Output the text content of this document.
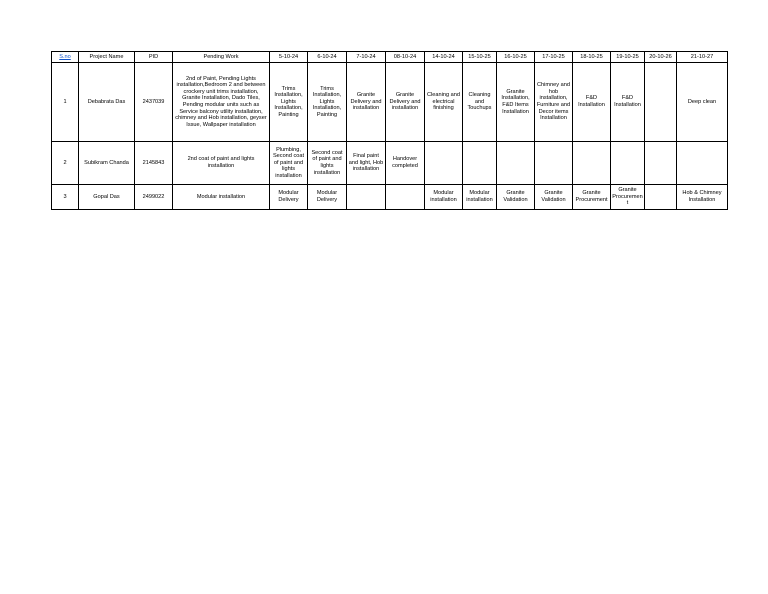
S.no	Project Name	PID	Pending Work	5-10-24	6-10-24	7-10-24	08-10-24	14-10-24	15-10-25	16-10-25	17-10-25	18-10-25	19-10-25	20-10-26	21-10-27
1	Debabrata Das	2437039	2nd of Paint, Pending Lights installation,Bedroom 2 and between crockery unit trims installation, Granite Installation, Dado Tiles, Pending modular units such as Service balcony utility installation, chimney and Hob installation, geyser Issue, Wallpaper installation	Trims Installation, Lights Installation, Painting	Trims Installation, Lights Installation, Painting	Granite Delivery and installation	Granite Delivery and installation	Cleaning and electrical finishing	Cleaning and Touchups	Granite Installation, F&D Items Installation	Chimney and hob installation, Furniture and Decor items Installation	F&D Installation	F&D Installation		Deep clean
2	Subikram Chanda	2145843	2nd coat of paint and lights installation	Plumbing, Second coat of paint and lights installation	Second coat of paint and lights installation	Final paint and light, Hob installation	Handover completed								
3	Gopal Das	2499022	Modular installation	Modular Delivery	Modular Delivery			Modular installation	Modular installation	Granite Validation	Granite Validation	Granite Procurement	Granite Procurement		Hob & Chimney Installation
